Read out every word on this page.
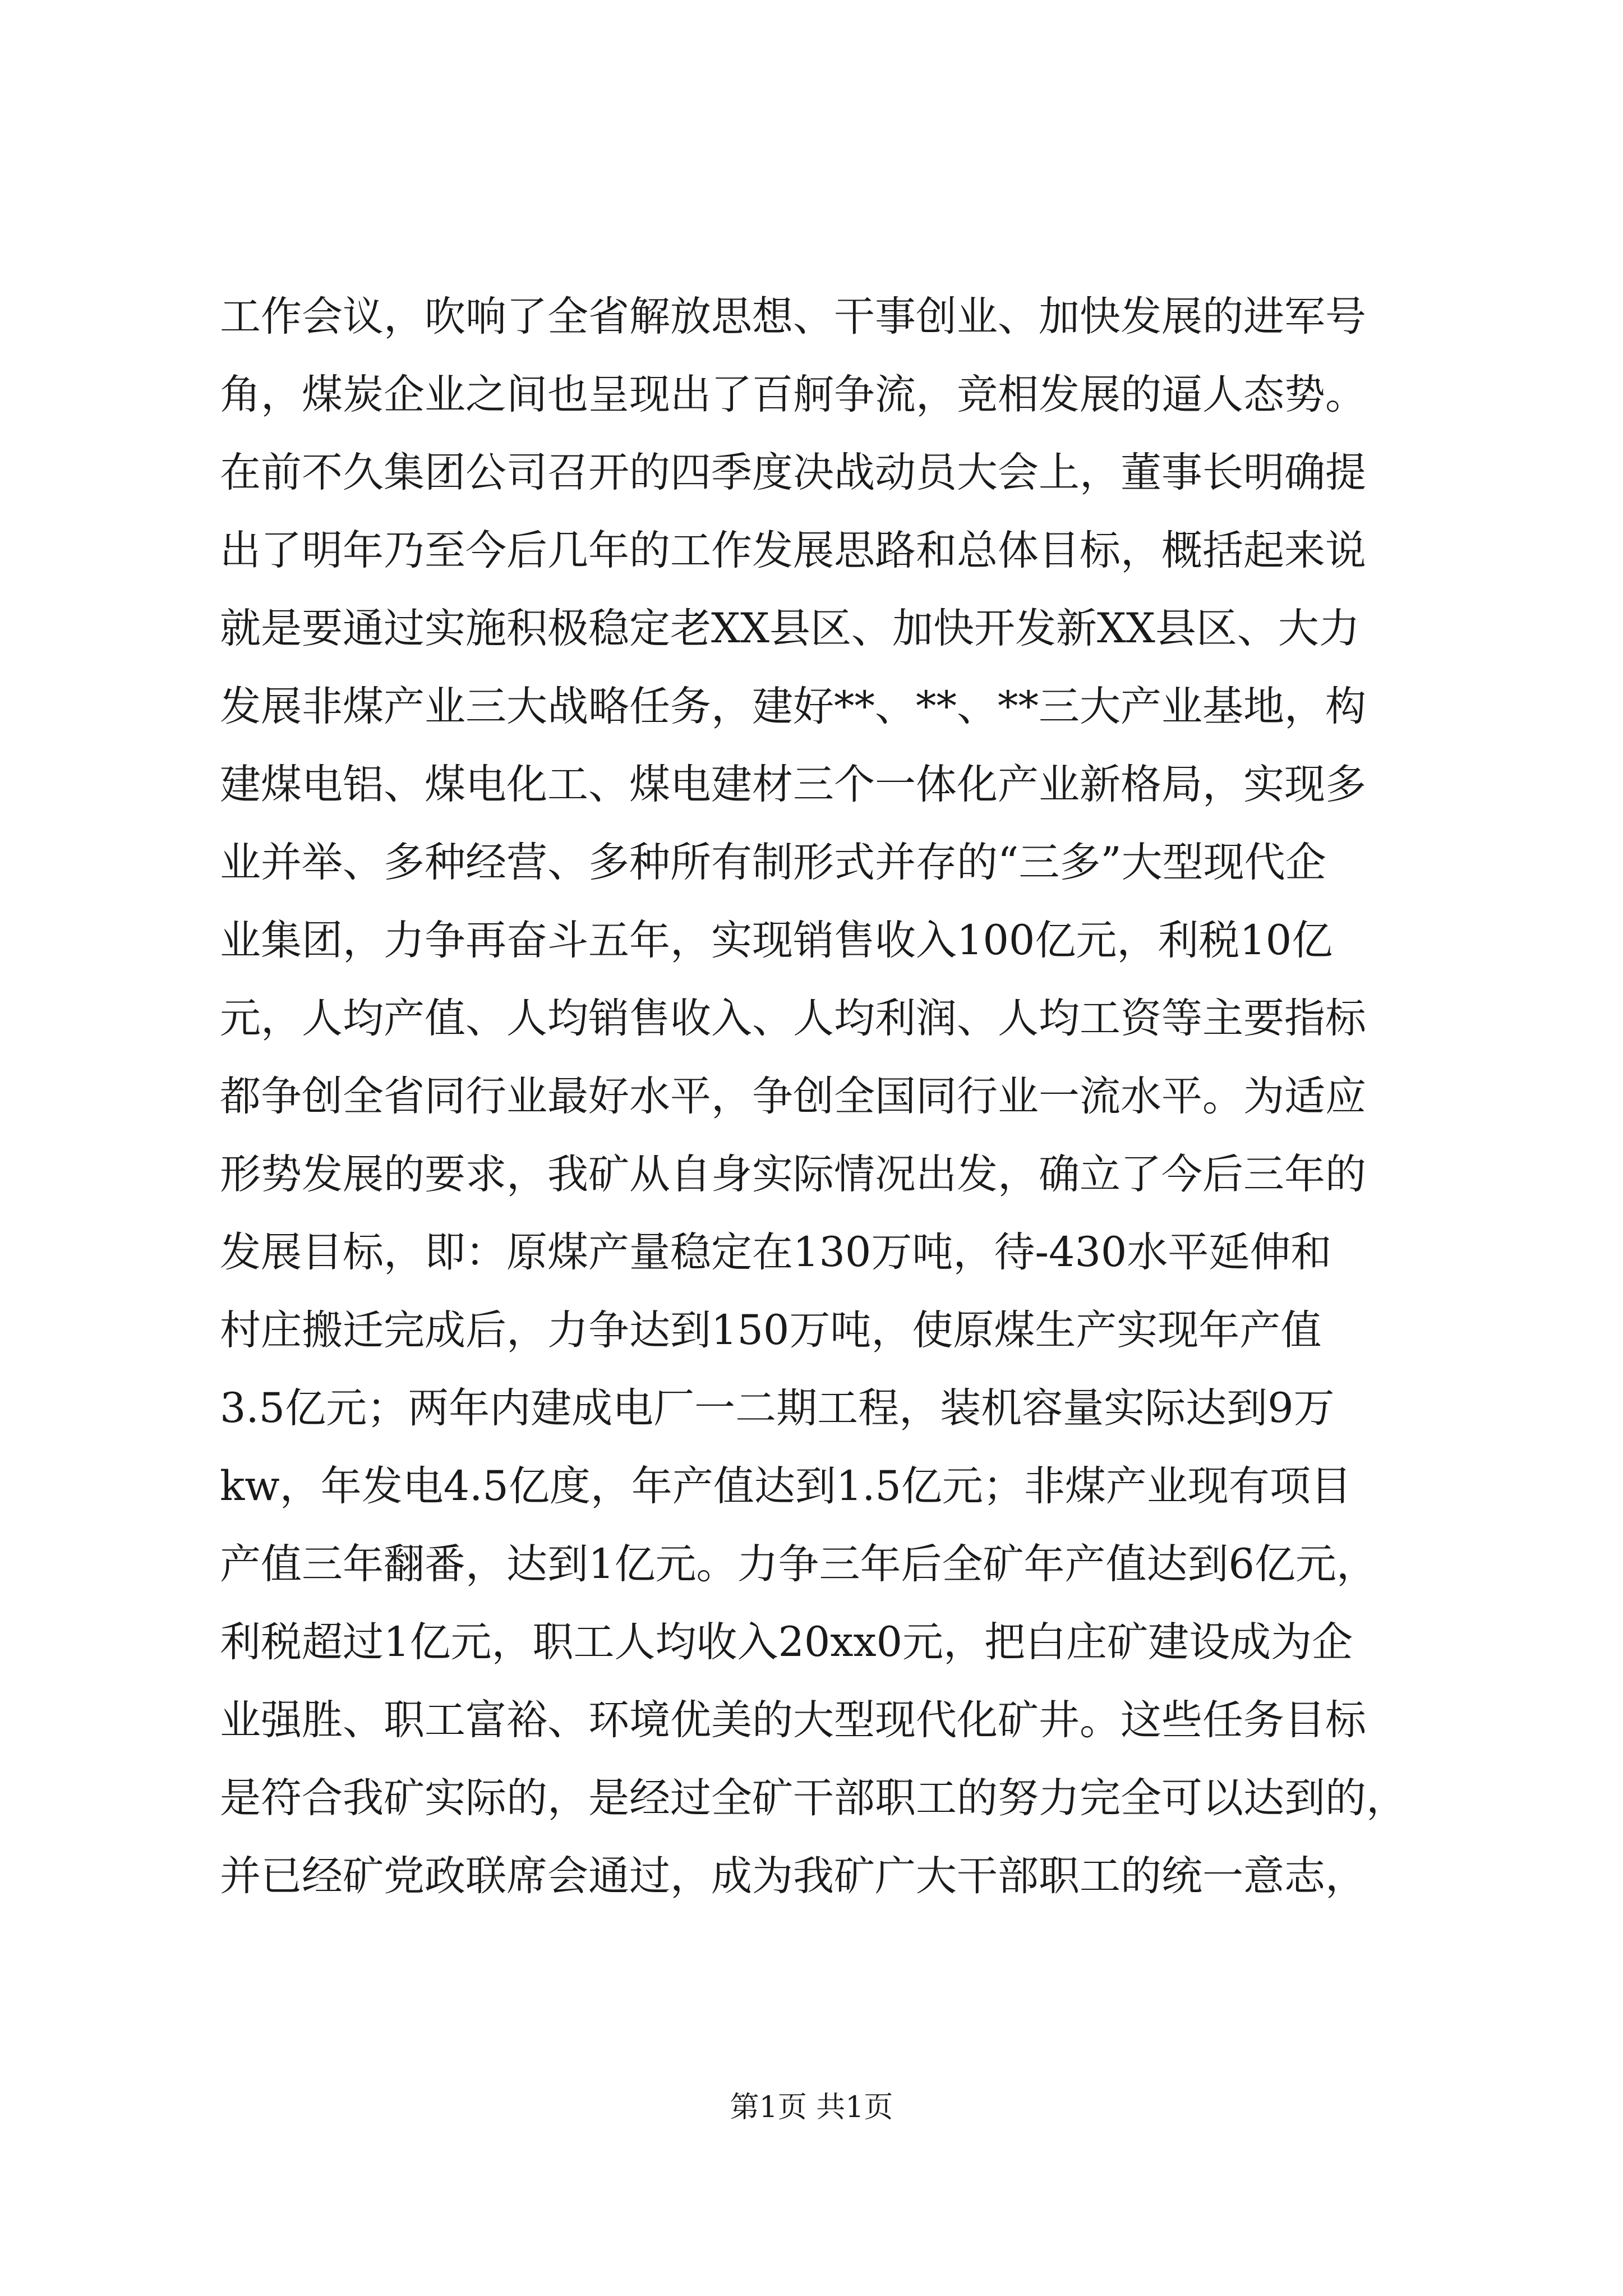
工作会议，吹响了全省解放思想、干事创业、加快发展的进军号
角，煤炭企业之间也呈现出了百舸争流，竞相发展的逼人态势。
在前不久集团公司召开的四季度决战动员大会上，董事长明确提
出了明年乃至今后几年的工作发展思路和总体目标，概括起来说
就是要通过实施积极稳定老XX县区、加快开发新XX县区、大力
发展非煤产业三大战略任务，建好**、**、**三大产业基地，构
建煤电铝、煤电化工、煤电建材三个一体化产业新格局，实现多
业并举、多种经营、多种所有制形式并存的“三多”大型现代企
业集团，力争再奋斗五年，实现销售收入100亿元，利税10亿
元，人均产值、人均销售收入、人均利润、人均工资等主要指标
都争创全省同行业最好水平，争创全国同行业一流水平。为适应
形势发展的要求，我矿从自身实际情况出发，确立了今后三年的
发展目标，即：原煤产量稳定在130万吨，待-430水平延伸和
村庄搬迁完成后，力争达到150万吨，使原煤生产实现年产值
3.5亿元；两年内建成电厂一二期工程，装机容量实际达到9万
kw，年发电4.5亿度，年产值达到1.5亿元；非煤产业现有项目
产值三年翻番，达到1亿元。力争三年后全矿年产值达到6亿元，
利税超过1亿元，职工人均收入20xx0元，把白庄矿建设成为企
业强胜、职工富裕、环境优美的大型现代化矿井。这些任务目标
是符合我矿实际的，是经过全矿干部职工的努力完全可以达到的，
并已经矿党政联席会通过，成为我矿广大干部职工的统一意志，
第1页 共1页
